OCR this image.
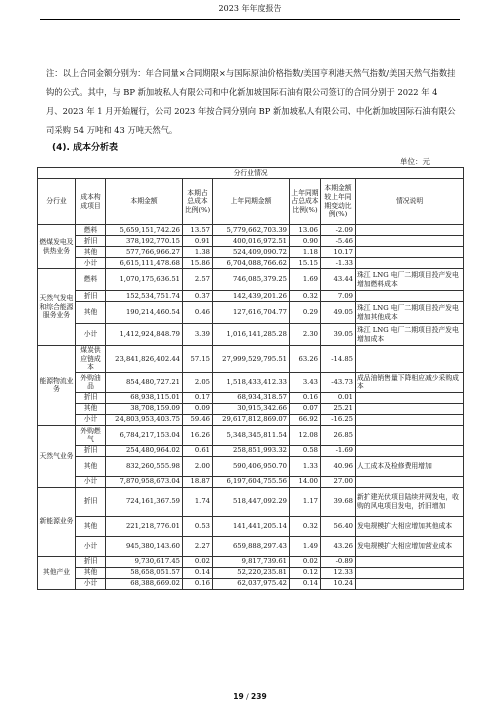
2023 年年度报告
注：以上合同金额分别为：年合同量×合同期限×与国际原油价格指数/美国亨利港天然气指数/美国天然气指数挂钩的公式。其中，与 BP 新加坡私人有限公司和中化新加坡国际石油有限公司签订的合同分别于 2022 年 4 月、2023 年 1 月开始履行，公司 2023 年按合同分别向 BP 新加坡私人有限公司、中化新加坡国际石油有限公司采购 54 万吨和 43 万吨天然气。
(4). 成本分析表
单位：元
分行业情况							
分行业	成本构成项目	本期金额	本期占总成本比例(%)	上年同期金额	上年同期占总成本比例(%)	本期金额较上年同期变动比例(%)	情况说明
燃煤发电及供热业务	燃料	5,659,151,742.26	13.57	5,779,662,703.39	13.06	-2.09	
	折旧	378,192,770.15	0.91	400,016,972.51	0.90	-5.46	
	其他	577,766,966.27	1.38	524,409,090.72	1.18	10.17	
	小计	6,615,111,478.68	15.86	6,704,088,766.62	15.15	-1.33	
天然气发电和综合能源服务业务	燃料	1,070,175,636.51	2.57	746,085,379.25	1.69	43.44	珠江 LNG 电厂二期项目投产发电增加燃料成本
	折旧	152,534,751.74	0.37	142,439,201.26	0.32	7.09	
	其他	190,214,460.54	0.46	127,616,704.77	0.29	49.05	珠江 LNG 电厂二期项目投产发电增加其他成本
	小计	1,412,924,848.79	3.39	1,016,141,285.28	2.30	39.05	珠江 LNG 电厂二期项目投产发电增加成本
能源物流业务	煤炭供应链成本	23,841,826,402.44	57.15	27,999,529,795.51	63.26	-14.85	
	外购油品	854,480,727.21	2.05	1,518,433,412.33	3.43	-43.73	成品油销售量下降相应减少采购成本
	折旧	68,938,115.01	0.17	68,934,318.57	0.16	0.01	
	其他	38,708,159.09	0.09	30,915,342.66	0.07	25.21	
	小计	24,803,953,403.75	59.46	29,617,812,869.07	66.92	-16.25	
天然气业务	外购燃气	6,784,217,153.04	16.26	5,348,345,811.54	12.08	26.85	
	折旧	254,480,964.02	0.61	258,851,993.32	0.58	-1.69	
	其他	832,260,555.98	2.00	590,406,950.70	1.33	40.96	人工成本及检修费用增加
	小计	7,870,958,673.04	18.87	6,197,604,755.56	14.00	27.00	
新能源业务	折旧	724,161,367.59	1.74	518,447,092.29	1.17	39.68	新扩建光伏项目陆续并网发电，收购的风电项目发电，折旧增加
	其他	221,218,776.01	0.53	141,441,205.14	0.32	56.40	发电规模扩大相应增加其他成本
	小计	945,380,143.60	2.27	659,888,297.43	1.49	43.26	发电规模扩大相应增加营业成本
其他产业	折旧	9,730,617.45	0.02	9,817,739.61	0.02	-0.89	
	其他	58,658,051.57	0.14	52,220,235.81	0.12	12.33	
	小计	68,388,669.02	0.16	62,037,975.42	0.14	10.24	
19 / 239
